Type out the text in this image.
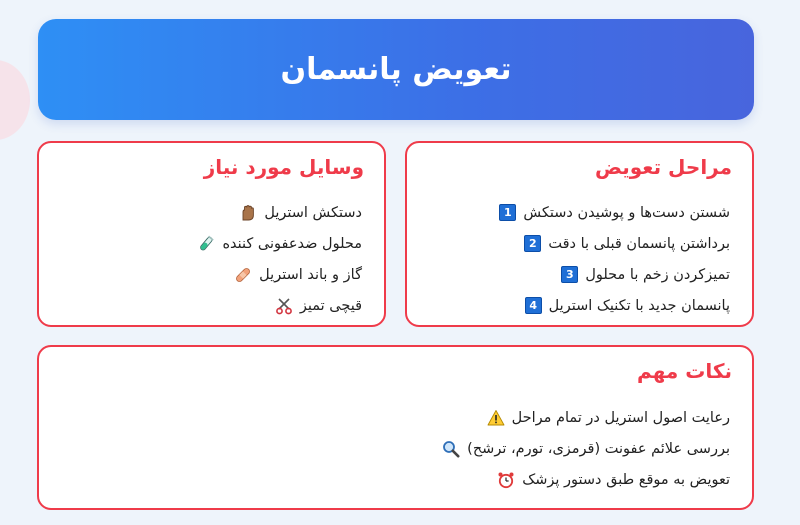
تعویض پانسمان
مراحل تعویض
شستن دست‌ها و پوشیدن دستکش
1
برداشتن پانسمان قبلی با دقت
2
تمیزکردن زخم با محلول
3
پانسمان جدید با تکنیک استریل
4
وسایل مورد نیاز
دستکش استریل
محلول ضدعفونی کننده
گاز و باند استریل
قیچی تمیز
نکات مهم
رعایت اصول استریل در تمام مراحل
بررسی علائم عفونت (قرمزی، تورم، ترشح)
تعویض به موقع طبق دستور پزشک
